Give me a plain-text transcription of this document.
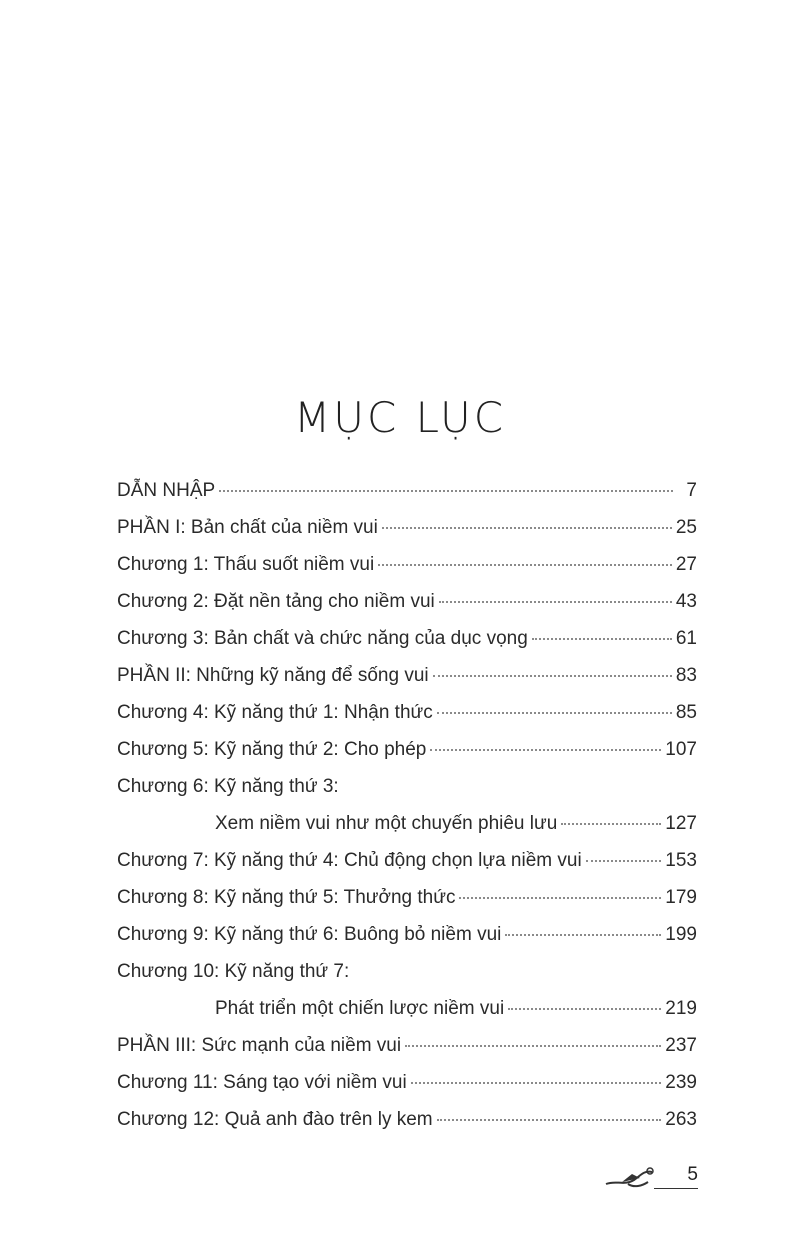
MỤC LỤC
DẪN NHẬP	7
PHẦN I: Bản chất của niềm vui	25
Chương 1: Thấu suốt niềm vui	27
Chương 2: Đặt nền tảng cho niềm vui	43
Chương 3: Bản chất và chức năng của dục vọng	61
PHẦN II: Những kỹ năng để sống vui	83
Chương 4: Kỹ năng thứ 1: Nhận thức	85
Chương 5: Kỹ năng thứ 2: Cho phép	107
Chương 6: Kỹ năng thứ 3:
Xem niềm vui như một chuyến phiêu lưu	127
Chương 7: Kỹ năng thứ 4: Chủ động chọn lựa niềm vui	153
Chương 8: Kỹ năng thứ 5: Thưởng thức	179
Chương 9: Kỹ năng thứ 6: Buông bỏ niềm vui	199
Chương 10: Kỹ năng thứ 7:
Phát triển một chiến lược niềm vui	219
PHẦN III: Sức mạnh của niềm vui	237
Chương 11: Sáng tạo với niềm vui	239
Chương 12: Quả anh đào trên ly kem	263
5
